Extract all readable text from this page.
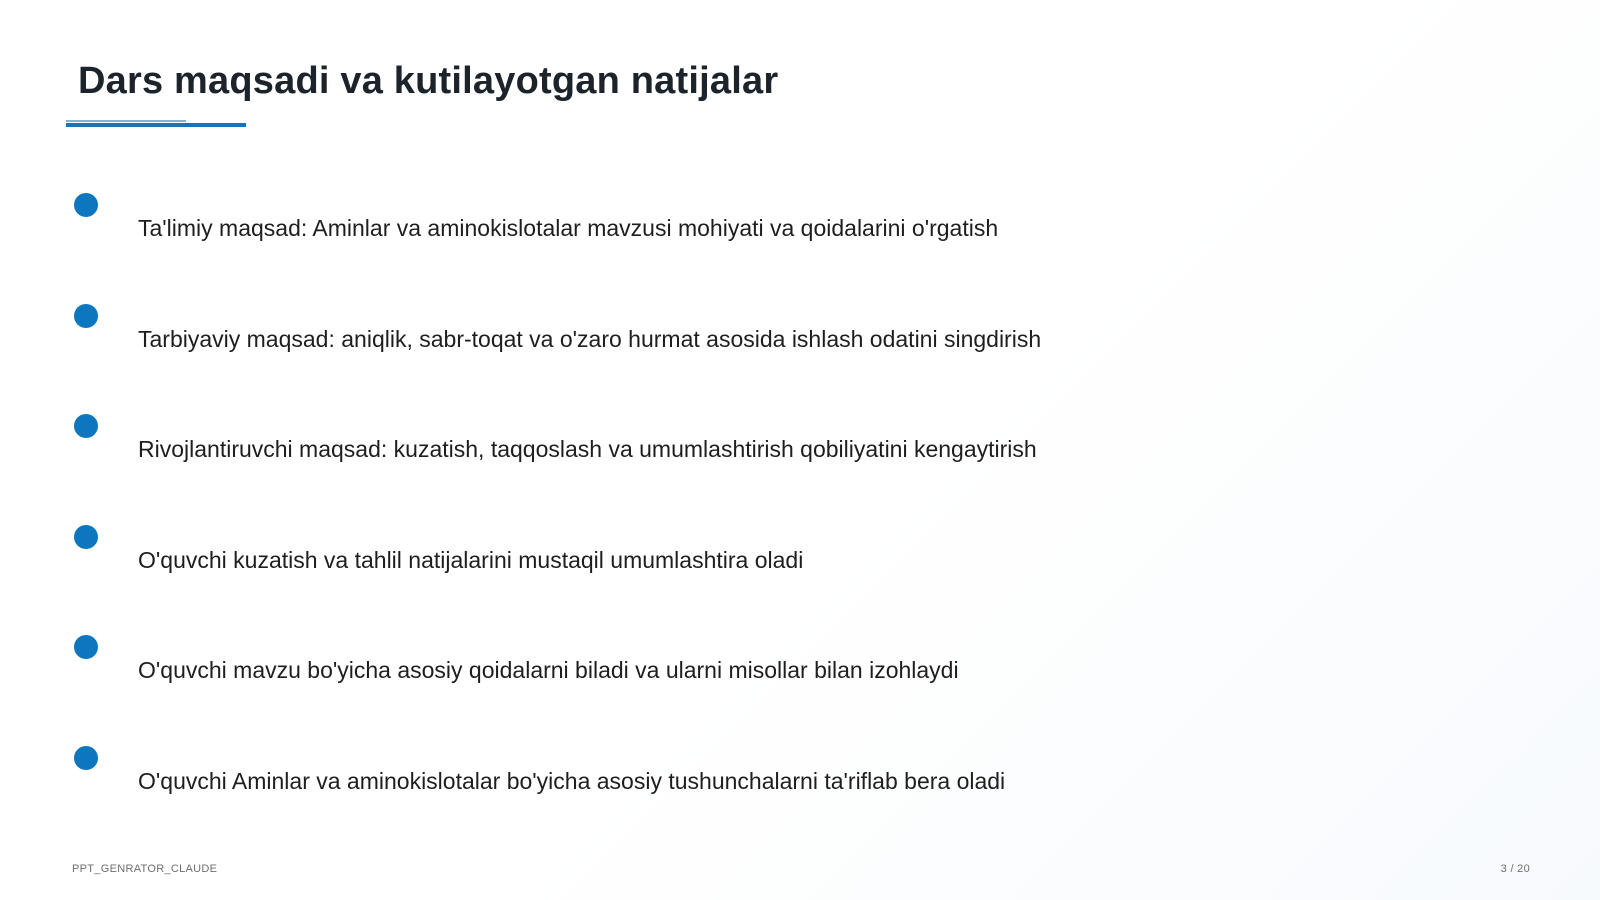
Dars maqsadi va kutilayotgan natijalar
Ta'limiy maqsad: Aminlar va aminokislotalar mavzusi mohiyati va qoidalarini o'rgatish
Tarbiyaviy maqsad: aniqlik, sabr-toqat va o'zaro hurmat asosida ishlash odatini singdirish
Rivojlantiruvchi maqsad: kuzatish, taqqoslash va umumlashtirish qobiliyatini kengaytirish
O'quvchi kuzatish va tahlil natijalarini mustaqil umumlashtira oladi
O'quvchi mavzu bo'yicha asosiy qoidalarni biladi va ularni misollar bilan izohlaydi
O'quvchi Aminlar va aminokislotalar bo'yicha asosiy tushunchalarni ta'riflab bera oladi
PPT_GENRATOR_CLAUDE	3 / 20
